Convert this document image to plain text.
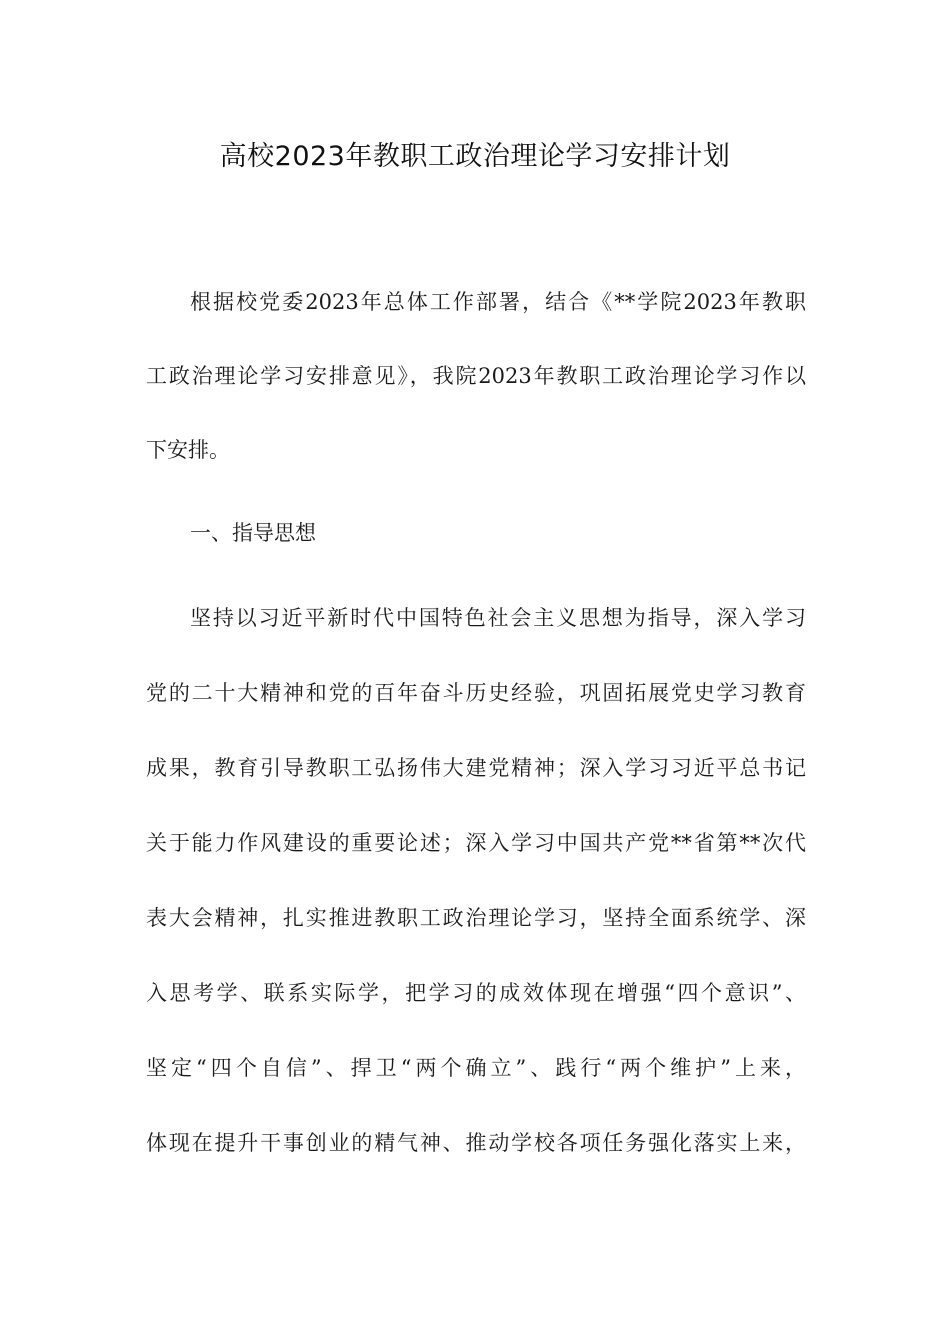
高校2023年教职工政治理论学习安排计划
根据校党委2023年总体工作部署，结合《**学院2023年教职
工政治理论学习安排意见》，我院2023年教职工政治理论学习作以
下安排。
一、指导思想
坚持以习近平新时代中国特色社会主义思想为指导，深入学习
党的二十大精神和党的百年奋斗历史经验，巩固拓展党史学习教育
成果，教育引导教职工弘扬伟大建党精神；深入学习习近平总书记
关于能力作风建设的重要论述；深入学习中国共产党**省第**次代
表大会精神，扎实推进教职工政治理论学习，坚持全面系统学、深
入思考学、联系实际学，把学习的成效体现在增强“四个意识”、
坚定“四个自信”、捍卫“两个确立”、践行“两个维护”上来，
体现在提升干事创业的精气神、推动学校各项任务强化落实上来，
